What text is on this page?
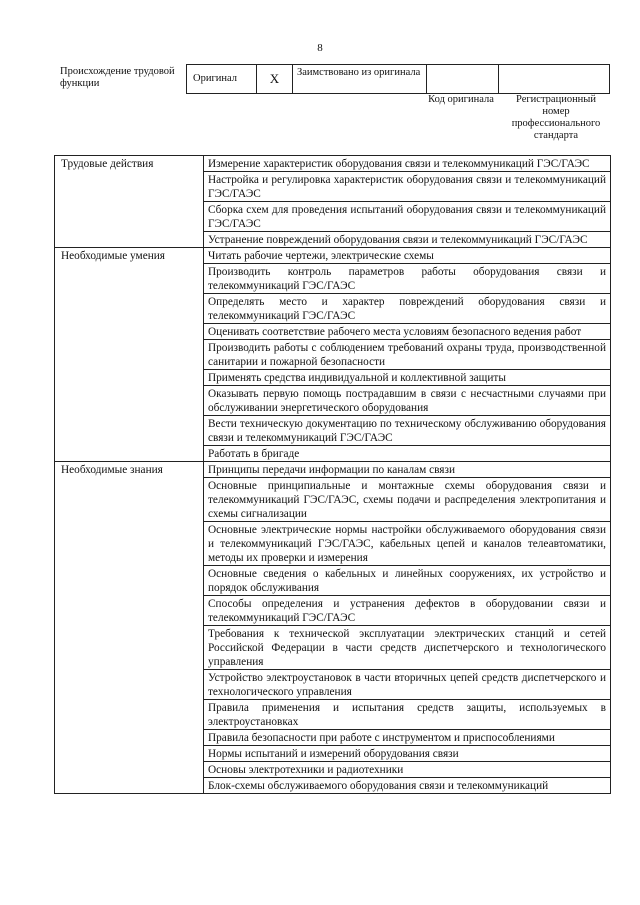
8
Происхождение трудовой функции	Оригинал	X	Заимствовано из оригинала
Код оригинала	Регистрационный номер профессионального стандарта
Трудовые действия	Измерение характеристик оборудования связи и телекоммуникаций ГЭС/ГАЭС
	Настройка и регулировка характеристик оборудования связи и телекоммуникаций ГЭС/ГАЭС
	Сборка схем для проведения испытаний оборудования связи и телекоммуникаций ГЭС/ГАЭС
	Устранение повреждений оборудования связи и телекоммуникаций ГЭС/ГАЭС
Необходимые умения	Читать рабочие чертежи, электрические схемы
	Производить контроль параметров работы оборудования связи и телекоммуникаций ГЭС/ГАЭС
	Определять место и характер повреждений оборудования связи и телекоммуникаций ГЭС/ГАЭС
	Оценивать соответствие рабочего места условиям безопасного ведения работ
	Производить работы с соблюдением требований охраны труда, производственной санитарии и пожарной безопасности
	Применять средства индивидуальной и коллективной защиты
	Оказывать первую помощь пострадавшим в связи с несчастными случаями при обслуживании энергетического оборудования
	Вести техническую документацию по техническому обслуживанию оборудования связи и телекоммуникаций ГЭС/ГАЭС
	Работать в бригаде
Необходимые знания	Принципы передачи информации по каналам связи
	Основные принципиальные и монтажные схемы оборудования связи и телекоммуникаций ГЭС/ГАЭС, схемы подачи и распределения электропитания и схемы сигнализации
	Основные электрические нормы настройки обслуживаемого оборудования связи и телекоммуникаций ГЭС/ГАЭС, кабельных цепей и каналов телеавтоматики, методы их проверки и измерения
	Основные сведения о кабельных и линейных сооружениях, их устройство и порядок обслуживания
	Способы определения и устранения дефектов в оборудовании связи и телекоммуникаций ГЭС/ГАЭС
	Требования к технической эксплуатации электрических станций и сетей Российской Федерации в части средств диспетчерского и технологического управления
	Устройство электроустановок в части вторичных цепей средств диспетчерского и технологического управления
	Правила применения и испытания средств защиты, используемых в электроустановках
	Правила безопасности при работе с инструментом и приспособлениями
	Нормы испытаний и измерений оборудования связи
	Основы электротехники и радиотехники
	Блок-схемы обслуживаемого оборудования связи и телекоммуникаций
